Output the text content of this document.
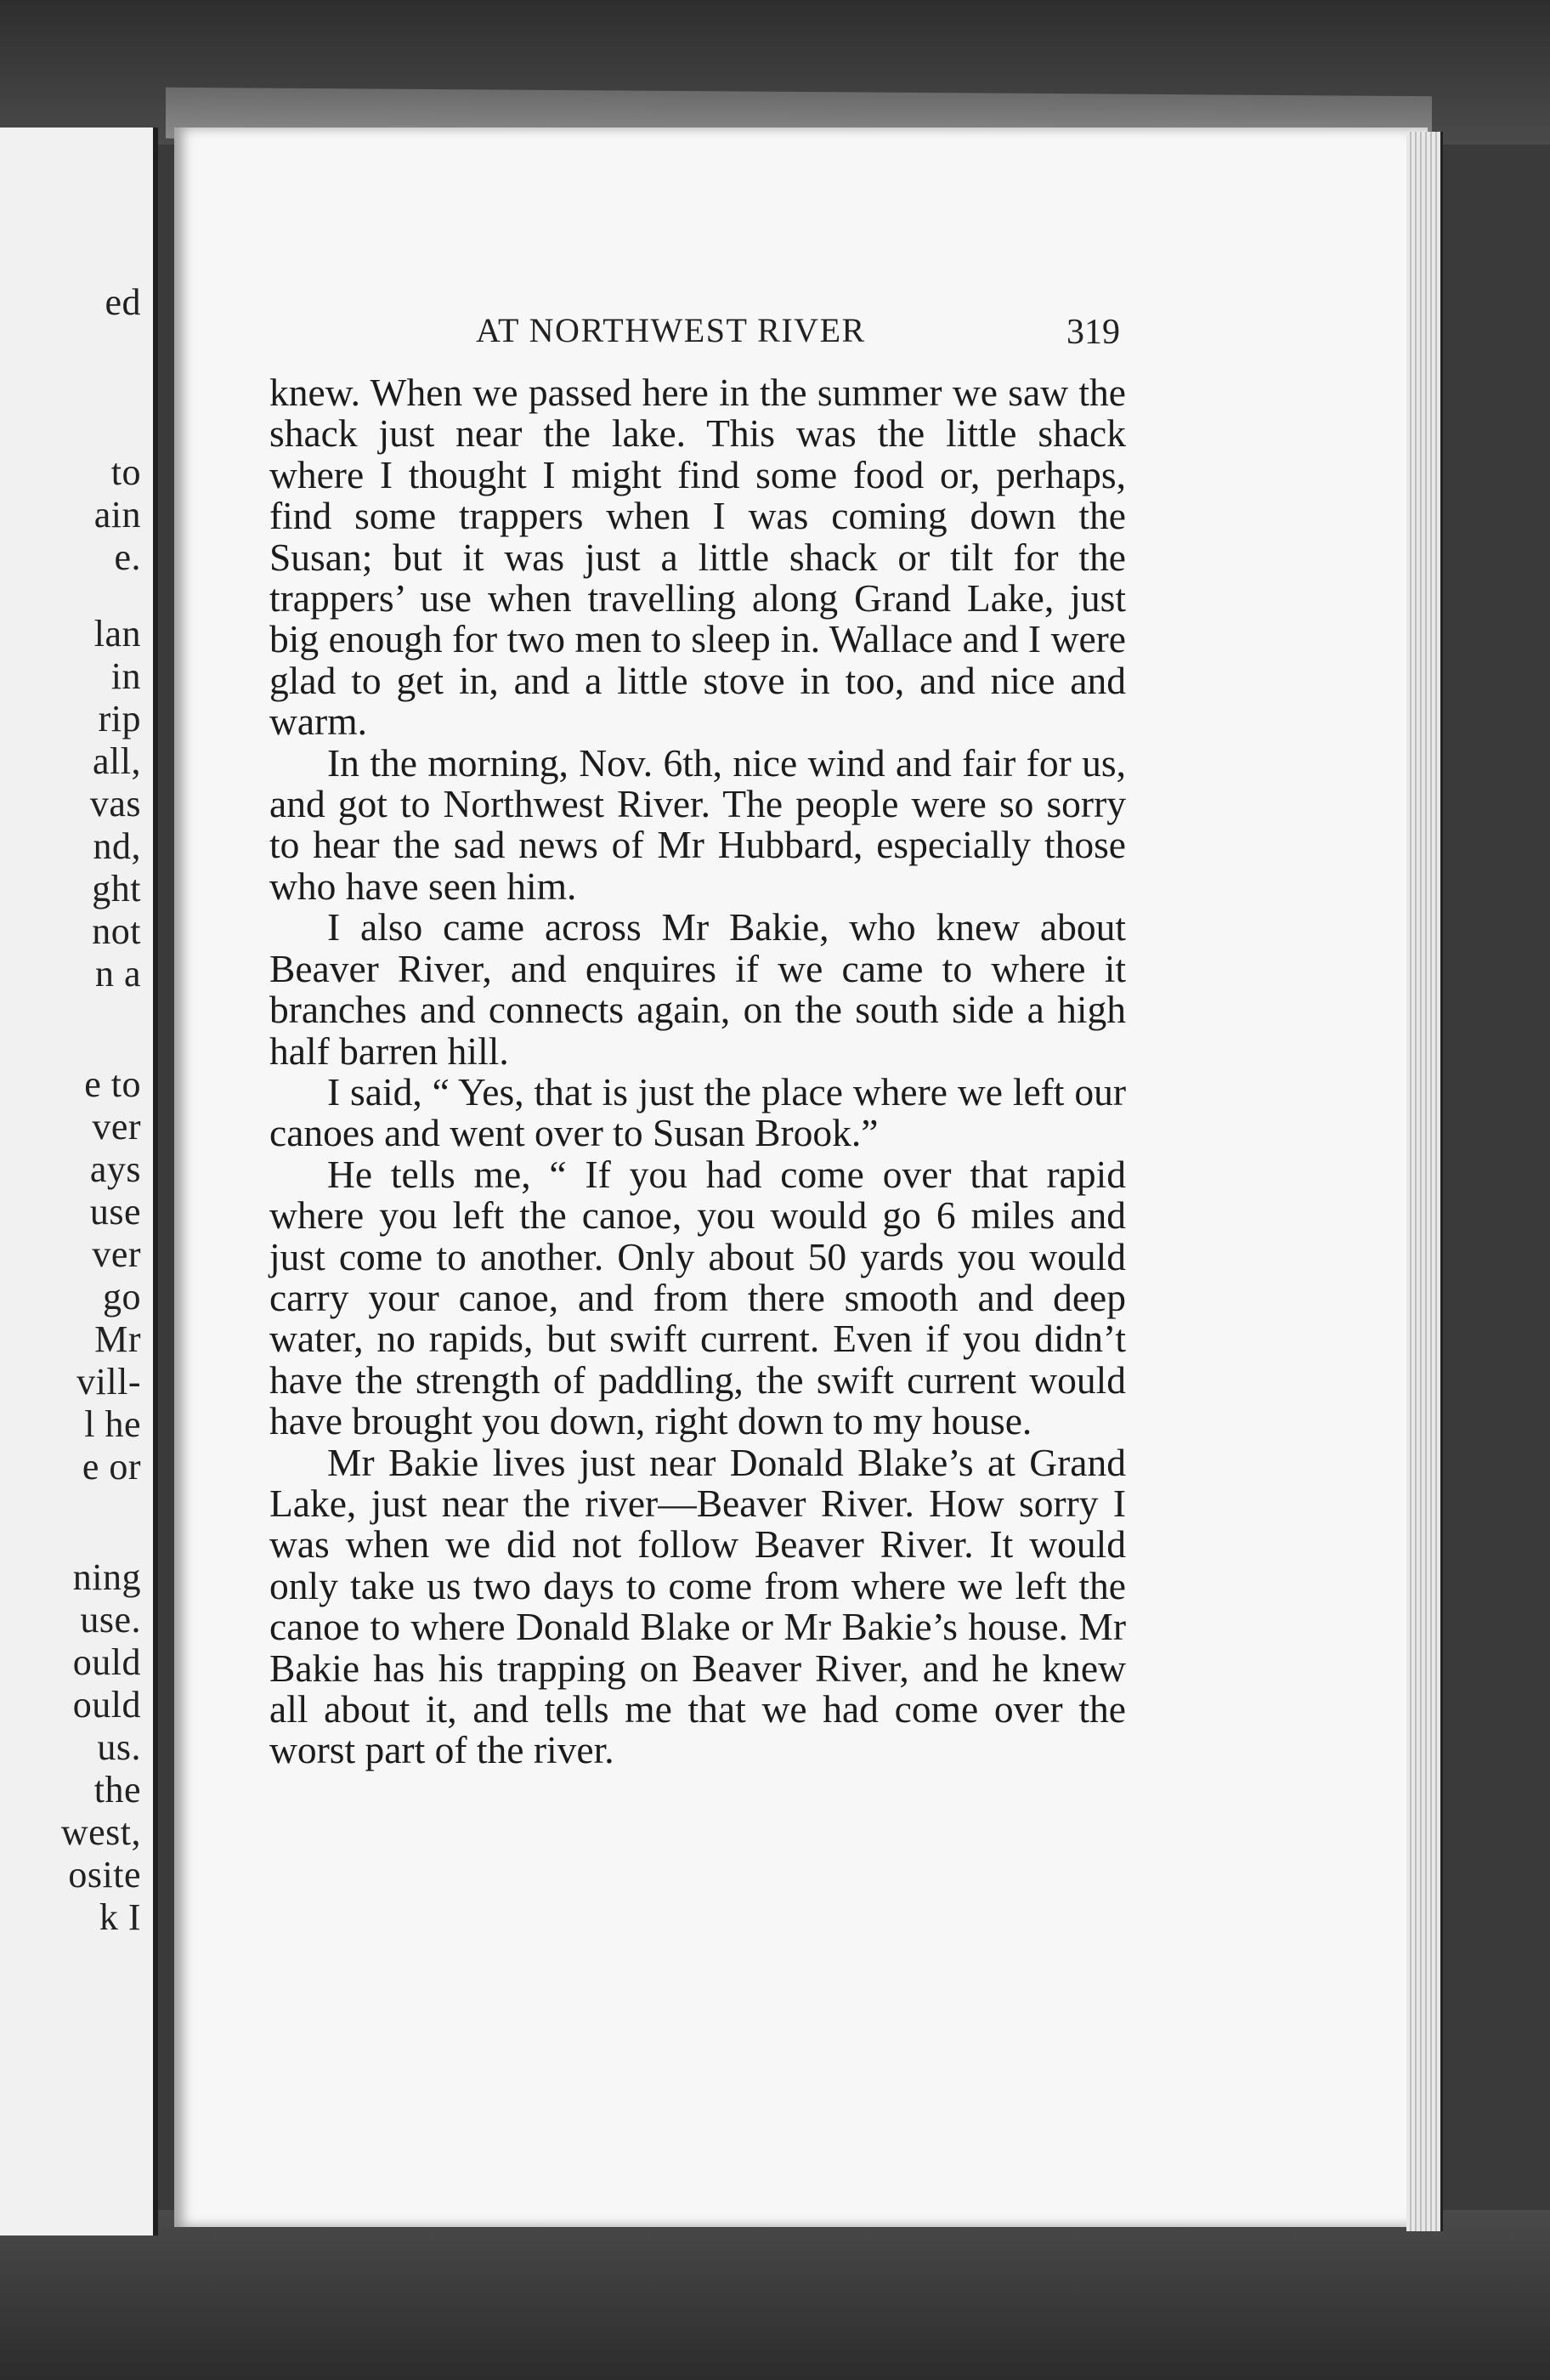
ed
to
ain
e.
lan
in
rip
all,
vas
nd,
ght
not
n a
e to
ver
ays
use
ver
go
Mr
vill-
l he
e or
ning
use.
ould
ould
us.
the
west,
osite
k I
AT NORTHWEST RIVER	319

knew. When we passed here in the summer we saw the shack just near the lake. This was the little shack where I thought I might find some food or, perhaps, find some trappers when I was coming down the Susan; but it was just a little shack or tilt for the trappers’ use when travelling along Grand Lake, just big enough for two men to sleep in. Wallace and I were glad to get in, and a little stove in too, and nice and warm.

In the morning, Nov. 6th, nice wind and fair for us, and got to Northwest River. The people were so sorry to hear the sad news of Mr Hubbard, especially those who have seen him.

I also came across Mr Bakie, who knew about Beaver River, and enquires if we came to where it branches and connects again, on the south side a high half barren hill.

I said, “ Yes, that is just the place where we left our canoes and went over to Susan Brook.”

He tells me, “ If you had come over that rapid where you left the canoe, you would go 6 miles and just come to another. Only about 50 yards you would carry your canoe, and from there smooth and deep water, no rapids, but swift current. Even if you didn’t have the strength of paddling, the swift current would have brought you down, right down to my house.

Mr Bakie lives just near Donald Blake’s at Grand Lake, just near the river—Beaver River. How sorry I was when we did not follow Beaver River. It would only take us two days to come from where we left the canoe to where Donald Blake or Mr Bakie’s house. Mr Bakie has his trapping on Beaver River, and he knew all about it, and tells me that we had come over the worst part of the river.
